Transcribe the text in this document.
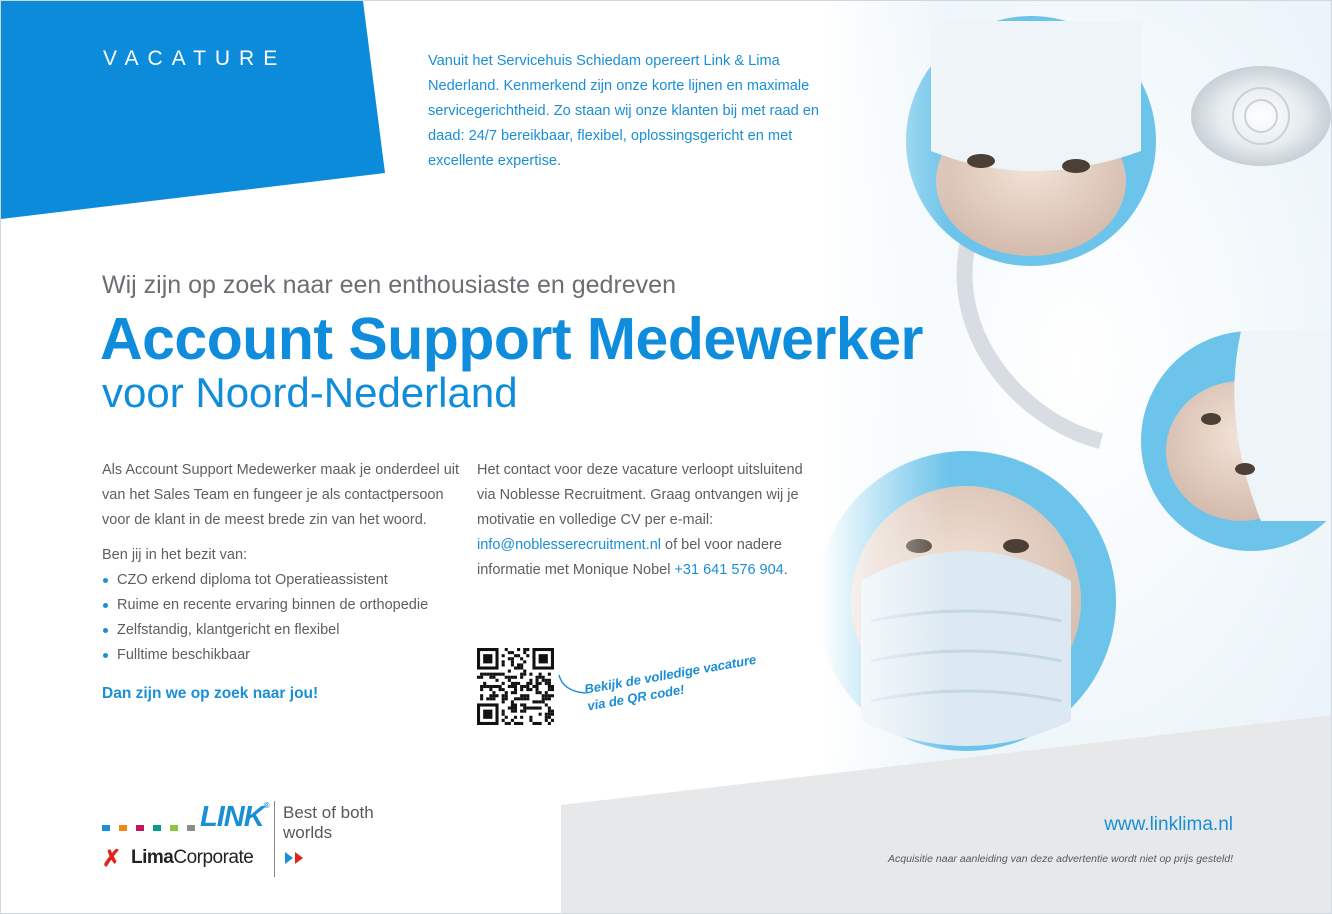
VACATURE	Vanuit het Servicehuis Schiedam opereert Link & Lima Nederland. Kenmerkend zijn onze korte lijnen en maximale servicegerichtheid. Zo staan wij onze klanten bij met raad en daad: 24/7 bereikbaar, flexibel, oplossingsgericht en met excellente expertise.
Wij zijn op zoek naar een enthousiaste en gedreven
Account Support Medewerker
voor Noord-Nederland

Als Account Support Medewerker maak je onderdeel uit van het Sales Team en fungeer je als contactpersoon voor de klant in de meest brede zin van het woord.

Ben jij in het bezit van:

CZO erkend diploma tot Operatieassistent
Ruime en recente ervaring binnen de orthopedie
Zelfstandig, klantgericht en flexibel
Fulltime beschikbaar
Dan zijn we op zoek naar jou!
Het contact voor deze vacature verloopt uitsluitend via Noblesse Recruitment. Graag ontvangen wij je motivatie en volledige CV per e-mail: info@noblesserecruitment.nl of bel voor nadere informatie met Monique Nobel +31 641 576 904.
Bekijk de volledige vacature via de QR code!
www.linklima.nl
Acquisitie naar aanleiding van deze advertentie wordt niet op prijs gesteld!
LINK®
✗ LimaCorporate
Best of both worlds
